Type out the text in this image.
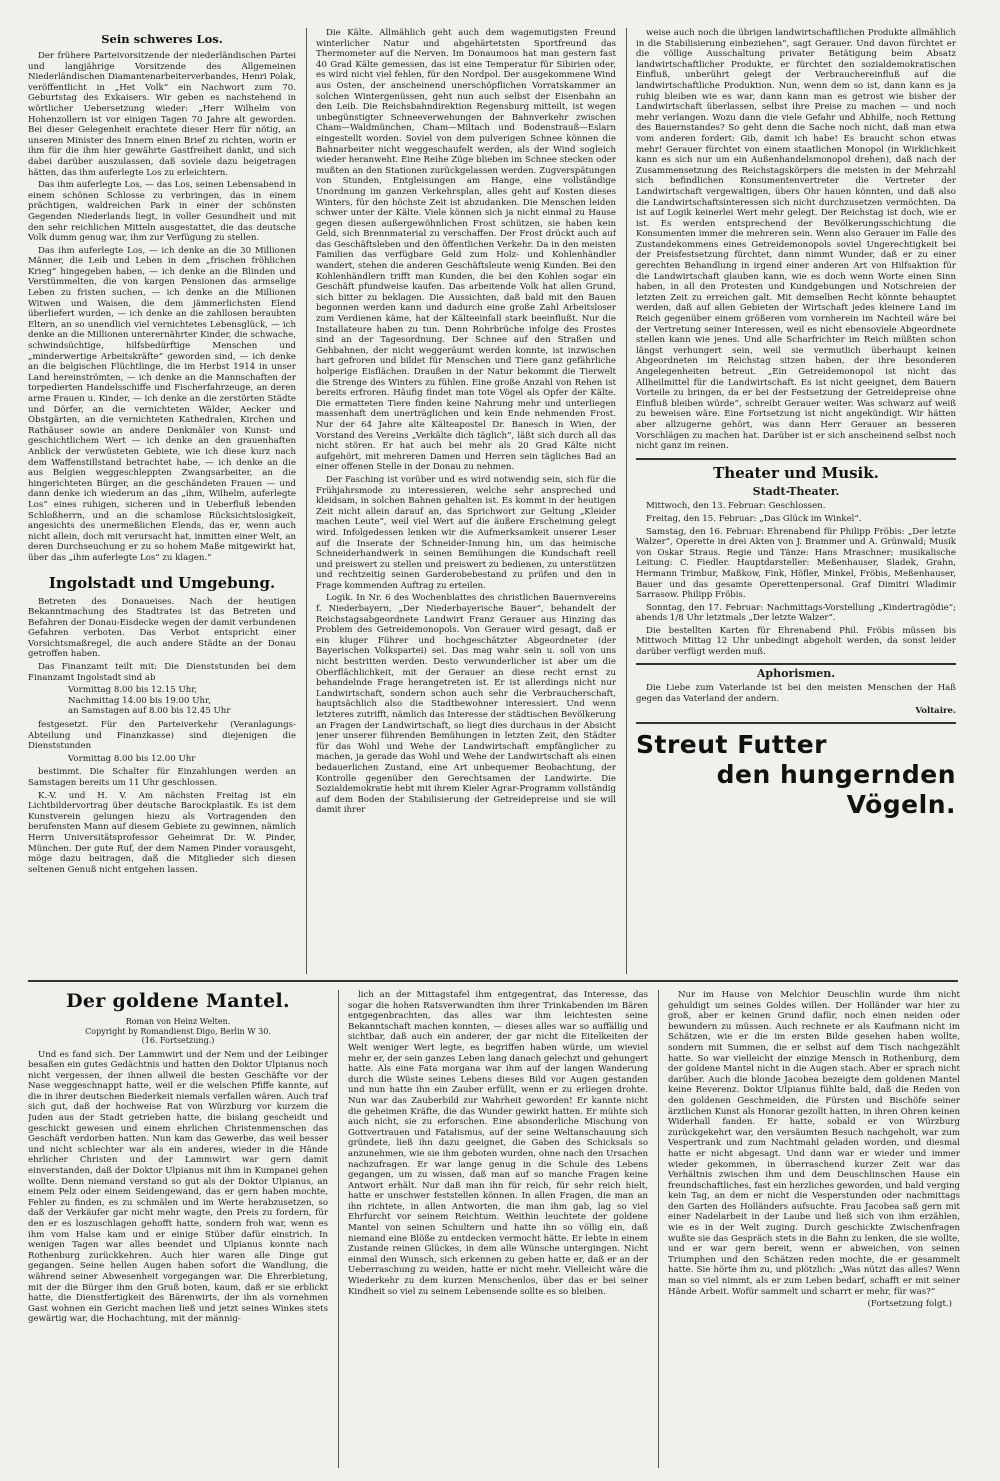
Sein schweres Los.

Der frühere Parteivorsitzende der niederländischen Partei und langjährige Vorsitzende des Allgemeinen Niederländischen Diamantenarbeiterverbandes, Henri Polak, veröffentlicht in „Het Volk“ ein Nachwort zum 70. Geburtstag des Exkaisers. Wir geben es nachstehend in wörtlicher Uebersetzung wieder: „Herr Wilhelm von Hohenzollern ist vor einigen Tagen 70 Jahre alt geworden. Bei dieser Gelegenheit erachtete dieser Herr für nötig, an unseren Minister des Innern einen Brief zu richten, worin er ihm für die ihm hier gewährte Gastfreiheit dankt, und sich dabei darüber auszulassen, daß soviele dazu beigetragen hätten, das ihm auferlegte Los zu erleichtern.

Das ihm auferlegte Los, — das Los, seinen Lebensabend in einem schönen Schlosse zu verbringen, das in einem prächtigen, waldreichen Park in einer der schönsten Gegenden Niederlands liegt, in voller Gesundheit und mit den sehr reichlichen Mitteln ausgestattet, die das deutsche Volk dumm genug war, ihm zur Verfügung zu stellen.

Das ihm auferlegte Los, — ich denke an die 30 Millionen Männer, die Leib und Leben in dem „frischen fröhlichen Krieg“ hingegeben haben, — ich denke an die Blinden und Verstümmelten, die von kargen Pensionen das armselige Leben zu fristen suchen, — ich denke an die Millionen Witwen und Waisen, die dem jämmerlichsten Elend überliefert wurden, — ich denke an die zahllosen beraubten Eltern, an so unendlich viel vernichtetes Lebensglück, — ich denke an die Millionen unterernährter Kinder, die schwache, schwindsüchtige, hilfsbedürftige Menschen und „minderwertige Arbeitskräfte“ geworden sind, — ich denke an die belgischen Flüchtlinge, die im Herbst 1914 in unser Land hereinströmten, — ich denke an die Mannschaften der torpedierten Handelsschiffe und Fischerfahrzeuge, an deren arme Frauen u. Kinder, — ich denke an die zerstörten Städte und Dörfer, an die vernichteten Wälder, Aecker und Obstgärten, an die vernichteten Kathedralen, Kirchen und Rathäuser sowie an andere Denkmäler von Kunst- und geschichtlichem Wert — ich denke an den grauenhaften Anblick der verwüsteten Gebiete, wie ich diese kurz nach dem Waffenstillstand betrachtet habe, — ich denke an die aus Belgien weggeschleppten Zwangsarbeiter, an die hingerichteten Bürger, an die geschändeten Frauen — und dann denke ich wiederum an das „ihm, Wilhelm, auferlegte Los“ eines ruhigen, sicheren und in Ueberfluß lebenden Schloßherrn, und an die schamlose Rücksichtslosigkeit, angesichts des unermeßlichen Elends, das er, wenn auch nicht allein, doch mit verursacht hat, inmitten einer Welt, an deren Durchseuchung er zu so hohem Maße mitgewirkt hat, über das „ihm auferlegte Los“ zu klagen.“

Ingolstadt und Umgebung.

Betreten des Donaueises. Nach der heutigen Bekanntmachung des Stadtrates ist das Betreten und Befahren der Donau-Eisdecke wegen der damit verbundenen Gefahren verboten. Das Verbot entspricht einer Vorsichtsmaßregel, die auch andere Städte an der Donau getroffen haben.

Das Finanzamt teilt mit: Die Dienststunden bei dem Finanzamt Ingolstadt sind ab

Vormittag 8.00 bis 12.15 Uhr,
Nachmittag 14.00 bis 19.00 Uhr,
an Samstagen auf 8.00 bis 12.45 Uhr

festgesetzt. Für den Parteiverkehr (Veranlagungs-Abteilung und Finanzkasse) sind diejenigen die Dienststunden

Vormittag 8.00 bis 12.00 Uhr

bestimmt. Die Schalter für Einzahlungen werden an Samstagen bereits um 11 Uhr geschlossen.

K.-V. und H. V. Am nächsten Freitag ist ein Lichtbildervortrag über deutsche Barockplastik. Es ist dem Kunstverein gelungen hiezu als Vortragenden den berufensten Mann auf diesem Gebiete zu gewinnen, nämlich Herrn Universitätsprofessor Geheimrat Dr. W. Pinder, München. Der gute Ruf, der dem Namen Pinder vorausgeht, möge dazu beitragen, daß die Mitglieder sich diesen seltenen Genuß nicht entgehen lassen.

Die Kälte. Allmählich geht auch dem wagemutigsten Freund winterlicher Natur und abgehärtetsten Sportfreund das Thermometer auf die Nerven. Im Donaumoos hat man gestern fast 40 Grad Kälte gemessen, das ist eine Temperatur für Sibirien oder, es wird nicht viel fehlen, für den Nordpol. Der ausgekommene Wind aus Osten, der anscheinend unerschöpflichen Vorratskammer an solchen Wintergenüssen, geht nun auch selbst der Eisenbahn an den Leib. Die Reichsbahndirektion Regensburg mitteilt, ist wegen unbegünstigter Schneeverwehungen der Bahnverkehr zwischen Cham—Waldmünchen, Cham—Miltach und Bodenstrauß—Eslarn eingestellt worden. Soviel von dem pulverigen Schnee können die Bahnarbeiter nicht weggeschaufelt werden, als der Wind sogleich wieder heranweht. Eine Reihe Züge blieben im Schnee stecken oder mußten an den Stationen zurückgelassen werden. Zugverspätungen von Stunden, Entgleisungen am Hange, eine vollständige Unordnung im ganzen Verkehrsplan, alles geht auf Kosten dieses Winters, für den höchste Zeit ist abzudanken. Die Menschen leiden schwer unter der Kälte. Viele können sich ja nicht einmal zu Hause gegen diesen außergewöhnlichen Frost schützen, sie haben kein Geld, sich Brennmaterial zu verschaffen. Der Frost drückt auch auf das Geschäftsleben und den öffentlichen Verkehr. Da in den meisten Familien das verfügbare Geld zum Holz- und Kohlenhändler wandert, stehen die anderen Geschäftsleute wenig Kunden. Bei den Kohlenhändlern trifft man Kunden, die bei den Kohlen sogar ein Geschäft pfundweise kaufen. Das arbeitende Volk hat allen Grund, sich bitter zu beklagen. Die Aussichten, daß bald mit den Bauen begonnen werden kann und dadurch eine große Zahl Arbeitsloser zum Verdienen käme, hat der Kälteeinfall stark beeinflußt. Nur die Installateure haben zu tun. Denn Rohrbrüche infolge des Frostes sind an der Tagesordnung. Der Schnee auf den Straßen und Gehbahnen, der nicht weggeräumt werden konnte, ist inzwischen hart gefroren und bildet für Menschen und Tiere ganz gefährliche holperige Eisflächen. Draußen in der Natur bekommt die Tierwelt die Strenge des Winters zu fühlen. Eine große Anzahl von Rehen ist bereits erfroren. Häufig findet man tote Vögel als Opfer der Kälte. Die ermatteten Tiere finden keine Nahrung mehr und unterliegen massenhaft dem unerträglichen und kein Ende nehmenden Frost. Nur der 64 Jahre alte Kälteapostel Dr. Banesch in Wien, der Vorstand des Vereins „Verkälte dich täglich“, läßt sich durch all das nicht stören. Er hat auch bei mehr als 20 Grad Kälte nicht aufgehört, mit mehreren Damen und Herren sein tägliches Bad an einer offenen Stelle in der Donau zu nehmen.

Der Fasching ist vorüber und es wird notwendig sein, sich für die Frühjahrsmode zu interessieren, welche sehr anspreched und kleidsam, in solchen Bahnen gehalten ist. Es kommt in der heutigen Zeit nicht allein darauf an, das Sprichwort zur Geltung „Kleider machen Leute“, weil viel Wert auf die äußere Erscheinung gelegt wird. Infolgedessen lenken wir die Aufmerksamkeit unserer Leser auf die Inserate der Schneider-Innung hin, um das heimische Schneiderhandwerk in seinen Bemühungen die Kundschaft reell und preiswert zu stellen und preiswert zu bedienen, zu unterstützen und rechtzeitig seinen Garderobebestand zu prüfen und den in Frage kommenden Auftrag zu erteilen.

Logik. In Nr. 6 des Wochenblattes des christlichen Bauernvereins f. Niederbayern, „Der Niederbayerische Bauer“, behandelt der Reichstagsabgeordnete Landwirt Franz Gerauer aus Hinzing das Problem des Getreidemonopols. Von Gerauer wird gesagt, daß er ein kluger Führer und hochgeschätzter Abgeordneter (der Bayerischen Volkspartei) sei. Das mag wahr sein u. soll von uns nicht bestritten werden. Desto verwunderlicher ist aber um die Oberflächlichkeit, mit der Gerauer an diese recht ernst zu behandelnde Frage herangetreten ist. Er ist allerdings nicht nur Landwirtschaft, sondern schon auch sehr die Verbraucherschaft, hauptsächlich also die Stadtbewohner interessiert. Und wenn letzteres zutrifft, nämlich das Interesse der städtischen Bevölkerung an Fragen der Landwirtschaft, so liegt dies durchaus in der Absicht jener unserer führenden Bemühungen in letzten Zeit, den Städter für das Wohl und Wehe der Landwirtschaft empfänglicher zu machen, ja gerade das Wohl und Wehe der Landwirtschaft als einen bedauerlichen Zustand, eine Art unbequemer Beobachtung, der Kontrolle gegenüber den Gerechtsamen der Landwirte. Die Sozialdemokratie hebt mit ihrem Kieler Agrar-Programm vollständig auf dem Boden der Stabilisierung der Getreidepreise und sie will damit ihrer

weise auch noch die übrigen landwirtschaftlichen Produkte allmählich in die Stabilisierung einbeziehen“, sagt Gerauer. Und davon fürchtet er die völlige Ausschaltung privater Betätigung beim Absatz landwirtschaftlicher Produkte, er fürchtet den sozialdemokratischen Einfluß, unberührt gelegt der Verbrauchereinfluß auf die landwirtschaftliche Produktion. Nun, wenn dem so ist, dann kann es ja ruhig bleiben wie es war, dann kann man es getrost wie bisher der Landwirtschaft überlassen, selbst ihre Preise zu machen — und noch mehr verlangen. Wozu dann die viele Gefahr und Abhilfe, noch Rettung des Bauernstandes? So geht denn die Sache noch nicht, daß man etwa vom anderen fordert: Gib, damit ich habe! Es braucht schon etwas mehr! Gerauer fürchtet von einem staatlichen Monopol (in Wirklichkeit kann es sich nur um ein Außenhandelsmonopol drehen), daß nach der Zusammensetzung des Reichstagskörpers die meisten in der Mehrzahl sich befindlichen Konsumentenvertreter die Vertreter der Landwirtschaft vergewaltigen, übers Ohr hauen könnten, und daß also die Landwirtschaftsinteressen sich nicht durchzusetzen vermöchten. Da ist auf Logik keinerlei Wert mehr gelegt. Der Reichstag ist doch, wie er ist. Es werden entsprechend der Bevölkerungsschichtung die Konsumenten immer die mehreren sein. Wenn also Gerauer im Falle des Zustandekommens eines Getreidemonopols soviel Ungerechtigkeit bei der Preisfestsetzung fürchtet, dann nimmt Wunder, daß er zu einer gerechten Behandlung in irgend einer anderen Art von Hilfsaktion für die Landwirtschaft glauben kann, wie es doch wenn Worte einen Sinn haben, in all den Protesten und Kundgebungen und Notschreien der letzten Zeit zu erreichen galt. Mit demselben Recht könnte behauptet werden, daß auf allen Gebieten der Wirtschaft jedes kleinere Land im Reich gegenüber einem größeren vom vornherein im Nachteil wäre bei der Vertretung seiner Interessen, weil es nicht ebensoviele Abgeordnete stellen kann wie jenes. Und alle Scharfrichter im Reich müßten schon längst verhungert sein, weil sie vermutlich überhaupt keinen Abgeordneten im Reichstag sitzen haben, der ihre besonderen Angelegenheiten betreut. „Ein Getreidemonopol ist nicht das Allheilmittel für die Landwirtschaft. Es ist nicht geeignet, dem Bauern Vorteile zu bringen, da er bei der Festsetzung der Getreidepreise ohne Einfluß bleiben würde“, schreibt Gerauer weiter. Was schwarz auf weiß zu beweisen wäre. Eine Fortsetzung ist nicht angekündigt. Wir hätten aber allzugerne gehört, was dann Herr Gerauer an besseren Vorschlägen zu machen hat. Darüber ist er sich anscheinend selbst noch nicht ganz im reinen.

Theater und Musik.
Stadt-Theater.

Mittwoch, den 13. Februar: Geschlossen.

Freitag, den 15. Februar: „Das Glück im Winkel“.

Samstag, den 16. Februar: Ehrenabend für Philipp Fröbis: „Der letzte Walzer“, Operette in drei Akten von J. Brammer und A. Grünwald; Musik von Oskar Straus. Regie und Tänze: Hans Mraschner; musikalische Leitung: C. Fiedler. Hauptdarsteller: Meßenhauser, Sladek, Grahn, Hermann Trimbur, Maßkow, Fink, Höfler, Minkel, Fröbis, Meßenhauser, Bauer und das gesamte Operettenpersonal. Graf Dimitri Wladimir Sarrasow. Philipp Fröbis.

Sonntag, den 17. Februar: Nachmittags-Vorstellung „Kindertragödie“; abends 1/8 Uhr letztmals „Der letzte Walzer“.

Die bestellten Karten für Ehrenabend Phil. Fröbis müssen bis Mittwoch Mittag 12 Uhr unbedingt abgeholt werden, da sonst leider darüber verfügt werden muß.

Aphorismen.

Die Liebe zum Vaterlande ist bei den meisten Menschen der Haß gegen das Vaterland der andern.

Voltaire.
Streut Futter
den hungernden Vögeln.
Der goldene Mantel.
Roman von Heinz Welten.
Copyright by Romandienst Digo, Berlin W 30.
(16. Fortsetzung.)

Und es fand sich. Der Lammwirt und der Nem und der Leibinger besaßen ein gutes Gedächtnis und hatten den Doktor Ulpianus noch nicht vergessen, der ihnen allweil die besten Geschäfte vor der Nase weggeschnappt hatte, weil er die welschen Pfiffe kannte, auf die in ihrer deutschen Biederkeit niemals verfallen wären. Auch traf sich gut, daß der hochweise Rat von Würzburg vor kurzem die Juden aus der Stadt getrieben hatte, die bislang gescheidt und geschickt gewesen und einem ehrlichen Christenmenschen das Geschäft verdorben hatten. Nun kam das Gewerbe, das weil besser und nicht schlechter war als ein anderes, wieder in die Hände ehrlicher Christen und der Lammwirt war gern damit einverstanden, daß der Doktor Ulpianus mit ihm in Kumpanei gehen wollte. Denn niemand verstand so gut als der Doktor Ulpianus, an einem Pelz oder einem Seidengewand, das er gern haben mochte, Fehler zu finden, es zu schmälen und im Werte herabzusetzen, so daß der Verkäufer gar nicht mehr wagte, den Preis zu fordern, für den er es loszuschlagen gehofft hatte, sondern froh war, wenn es ihm vom Halse kam und er einige Stüber dafür einstrich. In wenigen Tagen war alles beendet und Ulpianus konnte nach Rothenburg zurückkehren. Auch hier waren alle Dinge gut gegangen. Seine hellen Augen haben sofort die Wandlung, die während seiner Abwesenheit vorgegangen war. Die Ehrerbietung, mit der die Bürger ihm den Gruß boten, kaum, daß er sie erblickt hatte, die Dienstfertigkeit des Bärenwirts, der ihn als vornehmen Gast wohnen ein Gericht machen ließ und jetzt seines Winkes stets gewärtig war, die Hochachtung, mit der männig-

lich an der Mittagstafel ihm entgegentrat, das Interesse, das sogar die hohen Ratsverwandten ihm ihrer Trinkabenden im Bären entgegenbrachten, das alles war ihm leichtesten seine Bekanntschaft machen konnten, — dieses alles war so auffällig und sichtbar, daß auch ein anderer, der gar nicht die Eitelkeiten der Welt weniger Wert legte, es begriffen haben würde, um wieviel mehr er, der sein ganzes Leben lang danach gelechzt und gehungert hatte. Als eine Fata morgana war ihm auf der langen Wanderung durch die Wüste seines Lebens dieses Bild vor Augen gestanden und nun hatte ihn ein Zauber erfüllt, wenn er zu erliegen drohte. Nun war das Zauberbild zur Wahrheit geworden! Er kannte nicht die geheimen Kräfte, die das Wunder gewirkt hatten. Er mühte sich auch nicht, sie zu erforschen. Eine absonderliche Mischung von Gottvertrauen und Fatalismus, auf der seine Weltanschauung sich gründete, ließ ihn dazu geeignet, die Gaben des Schicksals so anzunehmen, wie sie ihm geboten wurden, ohne nach den Ursachen nachzufragen. Er war lange genug in die Schule des Lebens gegangen, um zu wissen, daß man auf so manche Fragen keine Antwort erhält. Nur daß man ihn für reich, für sehr reich hielt, hatte er unschwer feststellen können. In allen Fragen, die man an ihn richtete, in allen Antworten, die man ihm gab, lag so viel Ehrfurcht vor seinem Reichtum. Weithin leuchtete der goldene Mantel von seinen Schultern und hatte ihn so völlig ein, daß niemand eine Blöße zu entdecken vermocht hätte. Er lebte in einem Zustande reinen Glückes, in dem alle Wünsche untergingen. Nicht einmal den Wunsch, sich erkennen zu geben hatte er, daß er an der Ueberraschung zu weiden, hatte er nicht mehr. Vielleicht wäre die Wiederkehr zu dem kurzen Menschenlos, über das er bei seiner Kindheit so viel zu seinem Lebensende sollte es so bleiben.

Nur im Hause von Melchior Deuschlin wurde ihm nicht gehuldigt um seines Goldes willen. Der Holländer war hier zu groß, aber er keinen Grund dafür, noch einen neiden oder bewundern zu müssen. Auch rechnete er als Kaufmann nicht im Schätzen, wie er die im ersten Bilde gesehen haben wollte, sondern mit Summen, die er selbst auf dem Tisch nachgezählt hatte. So war vielleicht der einzige Mensch in Rothenburg, dem der goldene Mantel nicht in die Augen stach. Aber er sprach nicht darüber. Auch die blonde Jacobea bezeigte dem goldenen Mantel keine Reverenz. Doktor Ulpianus fühlte bald, daß die Reden von den goldenen Geschmeiden, die Fürsten und Bischöfe seiner ärztlichen Kunst als Honorar gezollt hatten, in ihren Ohren keinen Widerhall fanden. Er hatte, sobald er von Würzburg zurückgekehrt war, den versäumten Besuch nachgeholt, war zum Vespertrank und zum Nachtmahl geladen worden, und diesmal hatte er nicht abgesagt. Und dann war er wieder und immer wieder gekommen, in überraschend kurzer Zeit war das Verhältnis zwischen ihm und dem Deuschlinschen Hause ein freundschaftliches, fast ein herzliches geworden, und bald verging kein Tag, an dem er nicht die Vesperstunden oder nachmittags den Garten des Holländers aufsuchte. Frau Jacobea saß gern mit einer Nadelarbeit in der Laube und ließ sich von ihm erzählen, wie es in der Welt zuging. Durch geschickte Zwischenfragen wußte sie das Gespräch stets in die Bahn zu lenken, die sie wollte, und er war gern bereit, wenn er abweichen, von seinen Triumphen und den Schätzen reden mochte, die er gesammelt hatte. Sie hörte ihm zu, und plötzlich: „Was nützt das alles? Wenn man so viel nimmt, als er zum Leben bedarf, schafft er mit seiner Hände Arbeit. Wofür sammelt und scharrt er mehr, für was?“

(Fortsetzung folgt.)
